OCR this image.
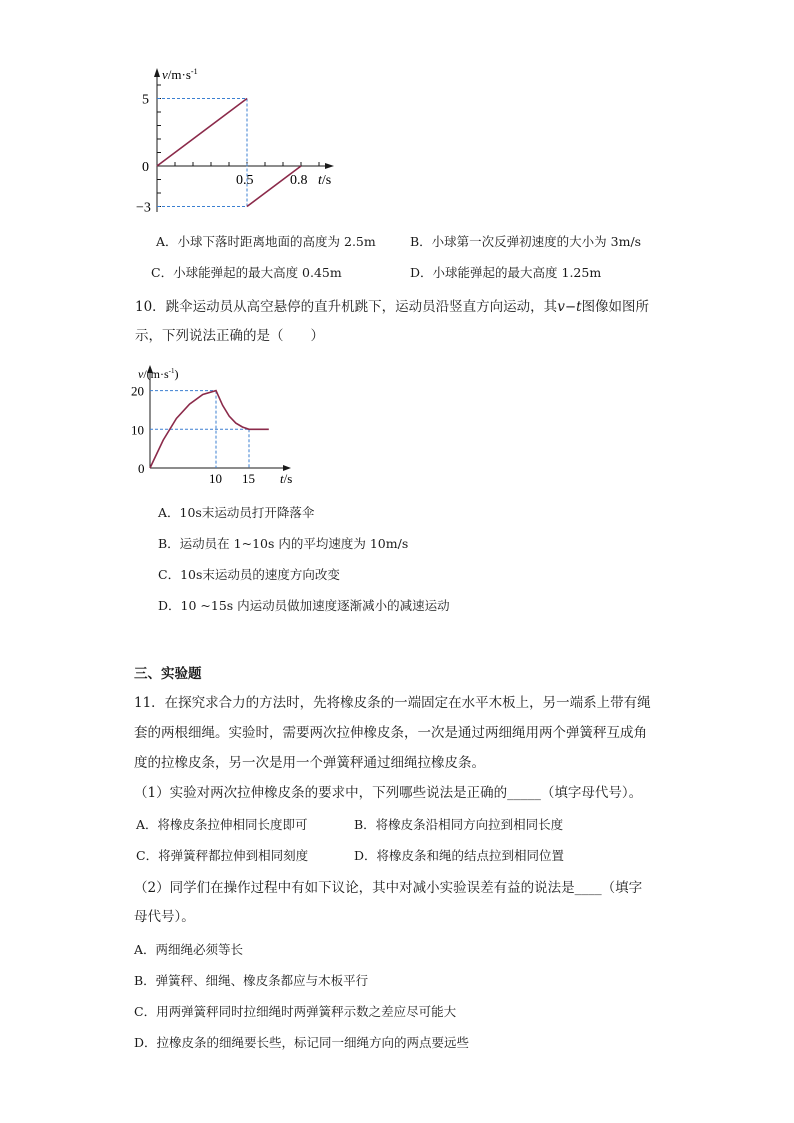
$v/m\cdot s^{-1}$
5
0
−3
0.5	0.8 t/s
A．小球下落时距离地面的高度为 2.5m	B．小球第一次反弹初速度的大小为 3m/s
C．小球能弹起的最大高度 0.45m	D．小球能弹起的最大高度 1.25m
10．跳伞运动员从高空悬停的直升机跳下，运动员沿竖直方向运动，其v−t图像如图所
示，下列说法正确的是（　　）
$v/(m\cdot s^{-1})$
20
10
0
10 15 t/s
A．10s末运动员打开降落伞
B．运动员在 1~10s 内的平均速度为 10m/s
C．10s末运动员的速度方向改变
D．10 ~15s 内运动员做加速度逐渐减小的减速运动
三、实验题
11．在探究求合力的方法时，先将橡皮条的一端固定在水平木板上，另一端系上带有绳
套的两根细绳。实验时，需要两次拉伸橡皮条，一次是通过两细绳用两个弹簧秤互成角
度的拉橡皮条，另一次是用一个弹簧秤通过细绳拉橡皮条。
（1）实验对两次拉伸橡皮条的要求中，下列哪些说法是正确的_____（填字母代号）。
A．将橡皮条拉伸相同长度即可	B．将橡皮条沿相同方向拉到相同长度
C．将弹簧秤都拉伸到相同刻度	D．将橡皮条和绳的结点拉到相同位置
（2）同学们在操作过程中有如下议论，其中对减小实验误差有益的说法是____（填字
母代号）。
A．两细绳必须等长
B．弹簧秤、细绳、橡皮条都应与木板平行
C．用两弹簧秤同时拉细绳时两弹簧秤示数之差应尽可能大
D．拉橡皮条的细绳要长些，标记同一细绳方向的两点要远些
